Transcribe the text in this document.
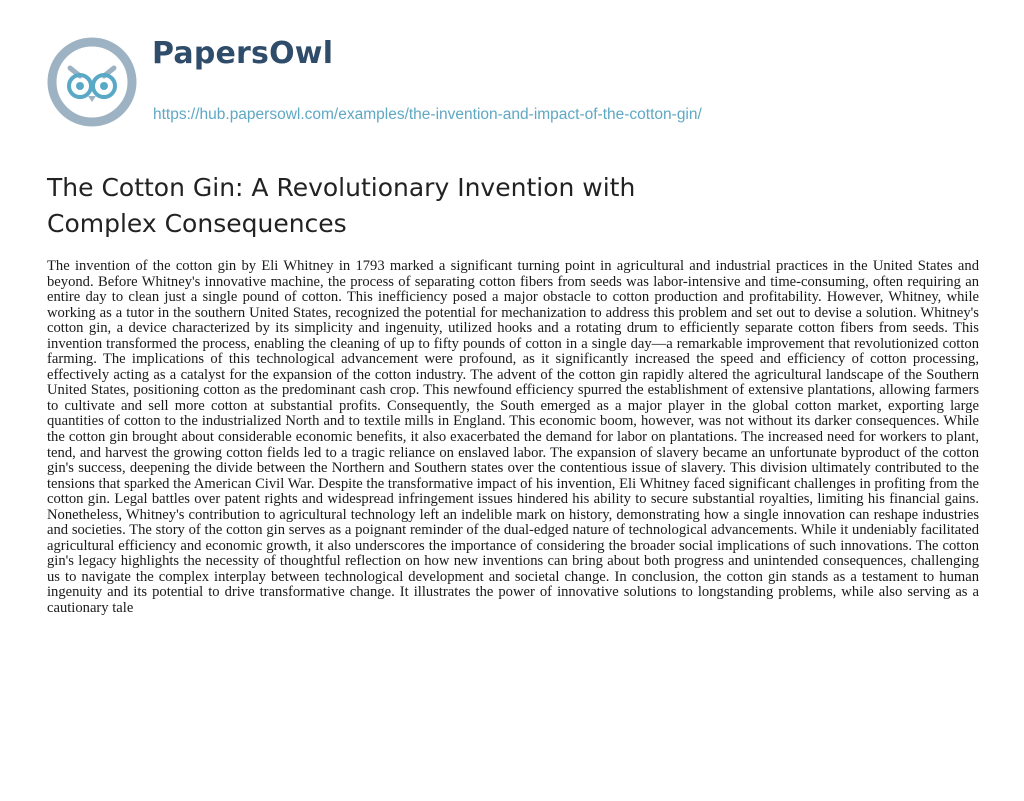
PapersOwl
https://hub.papersowl.com/examples/the-invention-and-impact-of-the-cotton-gin/
The Cotton Gin: A Revolutionary Invention with Complex Consequences

The invention of the cotton gin by Eli Whitney in 1793 marked a significant turning point in agricultural and industrial practices in the United States and beyond. Before Whitney's innovative machine, the process of separating cotton fibers from seeds was labor-intensive and time-consuming, often requiring an entire day to clean just a single pound of cotton. This inefficiency posed a major obstacle to cotton production and profitability. However, Whitney, while working as a tutor in the southern United States, recognized the potential for mechanization to address this problem and set out to devise a solution. Whitney's cotton gin, a device characterized by its simplicity and ingenuity, utilized hooks and a rotating drum to efficiently separate cotton fibers from seeds. This invention transformed the process, enabling the cleaning of up to fifty pounds of cotton in a single day—a remarkable improvement that revolutionized cotton farming. The implications of this technological advancement were profound, as it significantly increased the speed and efficiency of cotton processing, effectively acting as a catalyst for the expansion of the cotton industry. The advent of the cotton gin rapidly altered the agricultural landscape of the Southern United States, positioning cotton as the predominant cash crop. This newfound efficiency spurred the establishment of extensive plantations, allowing farmers to cultivate and sell more cotton at substantial profits. Consequently, the South emerged as a major player in the global cotton market, exporting large quantities of cotton to the industrialized North and to textile mills in England. This economic boom, however, was not without its darker consequences. While the cotton gin brought about considerable economic benefits, it also exacerbated the demand for labor on plantations. The increased need for workers to plant, tend, and harvest the growing cotton fields led to a tragic reliance on enslaved labor. The expansion of slavery became an unfortunate byproduct of the cotton gin's success, deepening the divide between the Northern and Southern states over the contentious issue of slavery. This division ultimately contributed to the tensions that sparked the American Civil War. Despite the transformative impact of his invention, Eli Whitney faced significant challenges in profiting from the cotton gin. Legal battles over patent rights and widespread infringement issues hindered his ability to secure substantial royalties, limiting his financial gains. Nonetheless, Whitney's contribution to agricultural technology left an indelible mark on history, demonstrating how a single innovation can reshape industries and societies. The story of the cotton gin serves as a poignant reminder of the dual-edged nature of technological advancements. While it undeniably facilitated agricultural efficiency and economic growth, it also underscores the importance of considering the broader social implications of such innovations. The cotton gin's legacy highlights the necessity of thoughtful reflection on how new inventions can bring about both progress and unintended consequences, challenging us to navigate the complex interplay between technological development and societal change. In conclusion, the cotton gin stands as a testament to human ingenuity and its potential to drive transformative change. It illustrates the power of innovative solutions to longstanding problems, while also serving as a cautionary tale
